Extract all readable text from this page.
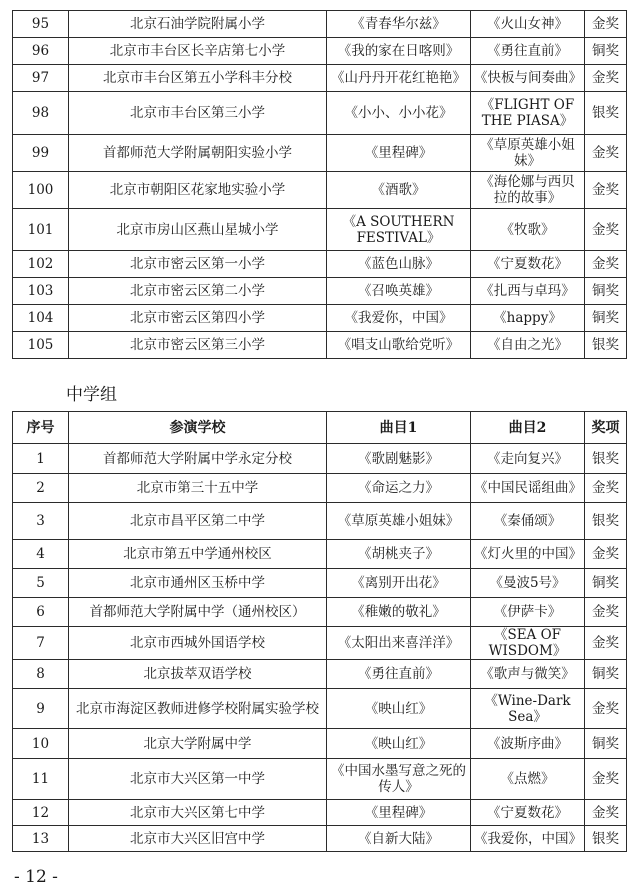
95	北京石油学院附属小学	《青春华尔兹》	《火山女神》	金奖
96	北京市丰台区长辛店第七小学	《我的家在日喀则》	《勇往直前》	铜奖
97	北京市丰台区第五小学科丰分校	《山丹丹开花红艳艳》	《快板与间奏曲》	金奖
98	北京市丰台区第三小学	《小小、小小花》	《FLIGHT OF THE PIASA》	银奖
99	首都师范大学附属朝阳实验小学	《里程碑》	《草原英雄小姐妹》	金奖
100	北京市朝阳区花家地实验小学	《酒歌》	《海伦娜与西贝拉的故事》	金奖
101	北京市房山区燕山星城小学	《A SOUTHERN FESTIVAL》	《牧歌》	金奖
102	北京市密云区第一小学	《蓝色山脉》	《宁夏数花》	金奖
103	北京市密云区第二小学	《召唤英雄》	《扎西与卓玛》	铜奖
104	北京市密云区第四小学	《我爱你，中国》	《happy》	铜奖
105	北京市密云区第三小学	《唱支山歌给党听》	《自由之光》	银奖
中学组
序号	参演学校	曲目1	曲目2	奖项
1	首都师范大学附属中学永定分校	《歌剧魅影》	《走向复兴》	银奖
2	北京市第三十五中学	《命运之力》	《中国民谣组曲》	金奖
3	北京市昌平区第二中学	《草原英雄小姐妹》	《秦俑颂》	银奖
4	北京市第五中学通州校区	《胡桃夹子》	《灯火里的中国》	金奖
5	北京市通州区玉桥中学	《离别开出花》	《曼波5号》	铜奖
6	首都师范大学附属中学（通州校区）	《稚嫩的敬礼》	《伊萨卡》	金奖
7	北京市西城外国语学校	《太阳出来喜洋洋》	《SEA OF WISDOM》	金奖
8	北京拔萃双语学校	《勇往直前》	《歌声与微笑》	铜奖
9	北京市海淀区教师进修学校附属实验学校	《映山红》	《Wine-Dark Sea》	金奖
10	北京大学附属中学	《映山红》	《波斯序曲》	铜奖
11	北京市大兴区第一中学	《中国水墨写意之死的传人》	《点燃》	金奖
12	北京市大兴区第七中学	《里程碑》	《宁夏数花》	金奖
13	北京市大兴区旧宫中学	《自新大陆》	《我爱你，中国》	银奖
- 12 -
